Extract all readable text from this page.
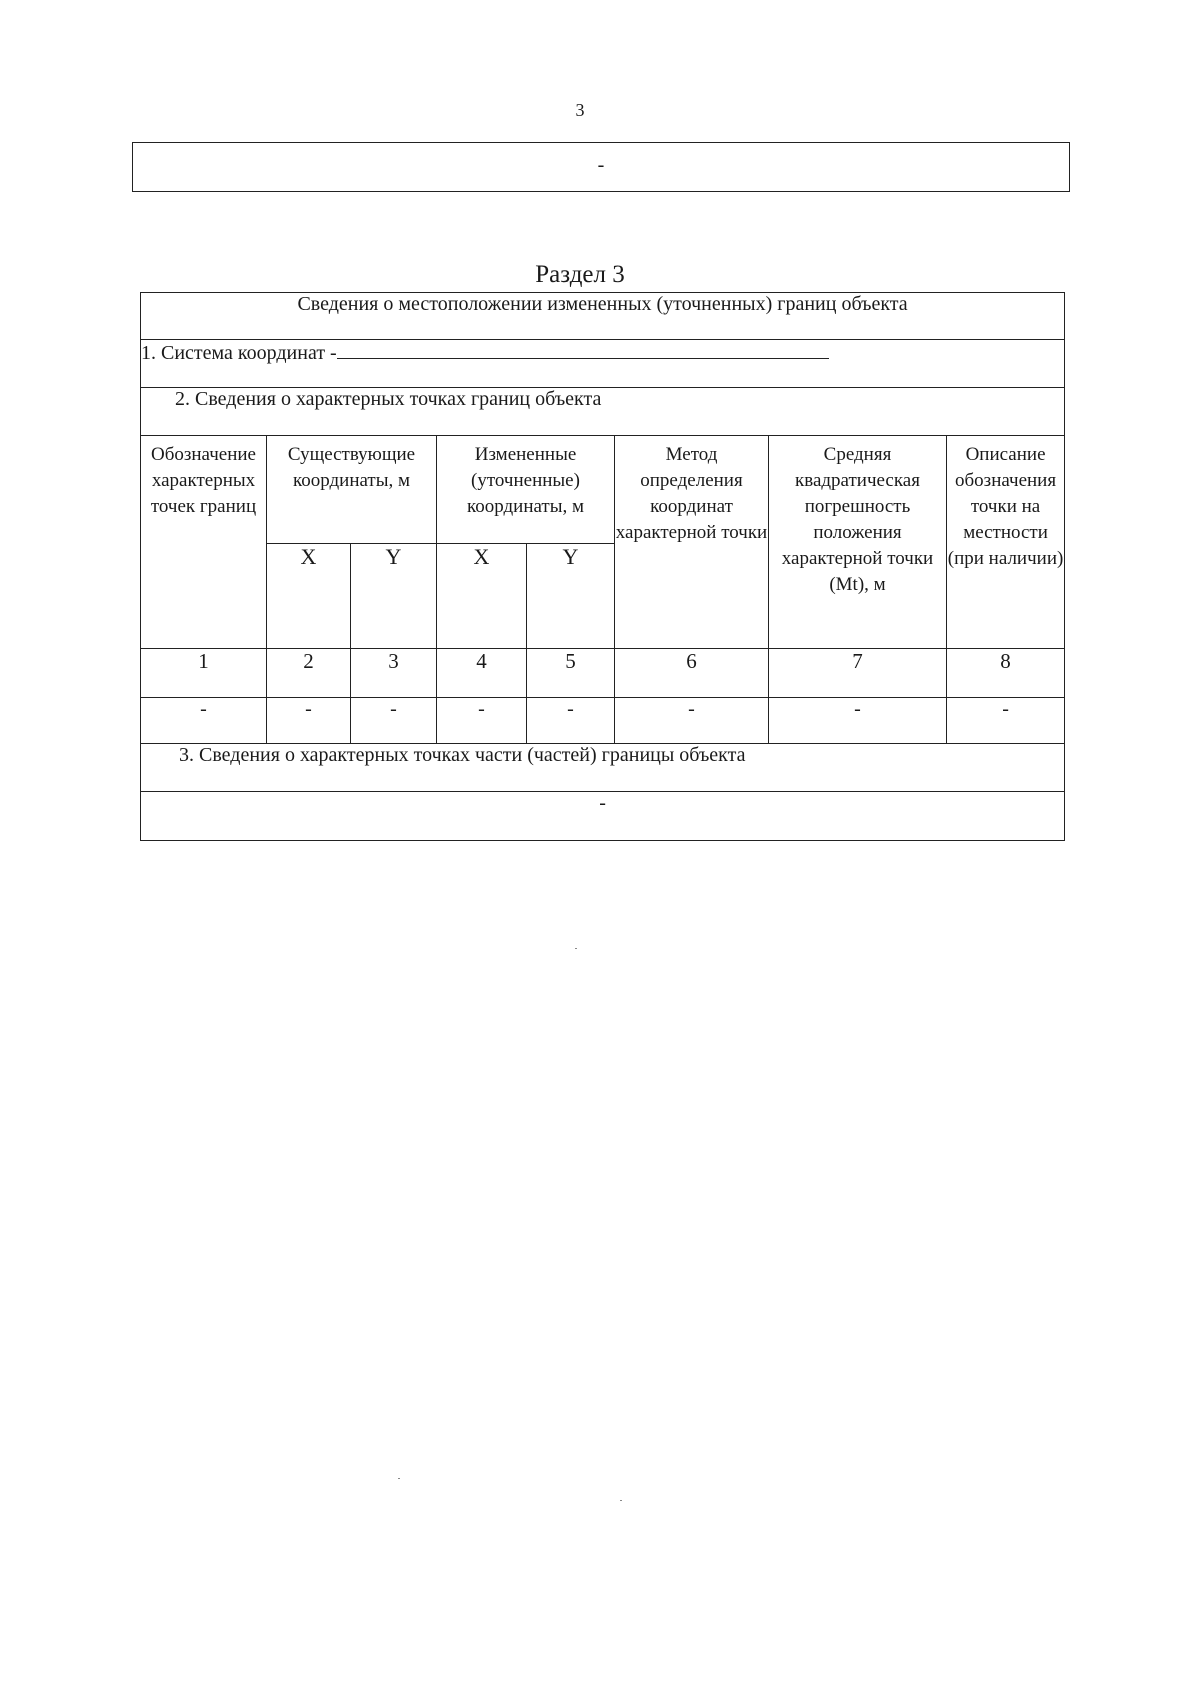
3
-
Раздел 3
Сведения о местоположении измененных (уточненных) границ объекта							
1. Система координат -							
2. Сведения о характерных точках границ объекта							
Обозначение характерных точек границ	Существующие координаты, м		Измененные (уточненные) координаты, м		Метод определения координат характерной точки	Средняя квадратическая погрешность положения характерной точки (Mt), м	Описание обозначения точки на местности (при наличии)
	X	Y	X	Y			
1	2	3	4	5	6	7	8
-	-	-	-	-	-	-	-
3. Сведения о характерных точках части (частей) границы объекта							
-							
